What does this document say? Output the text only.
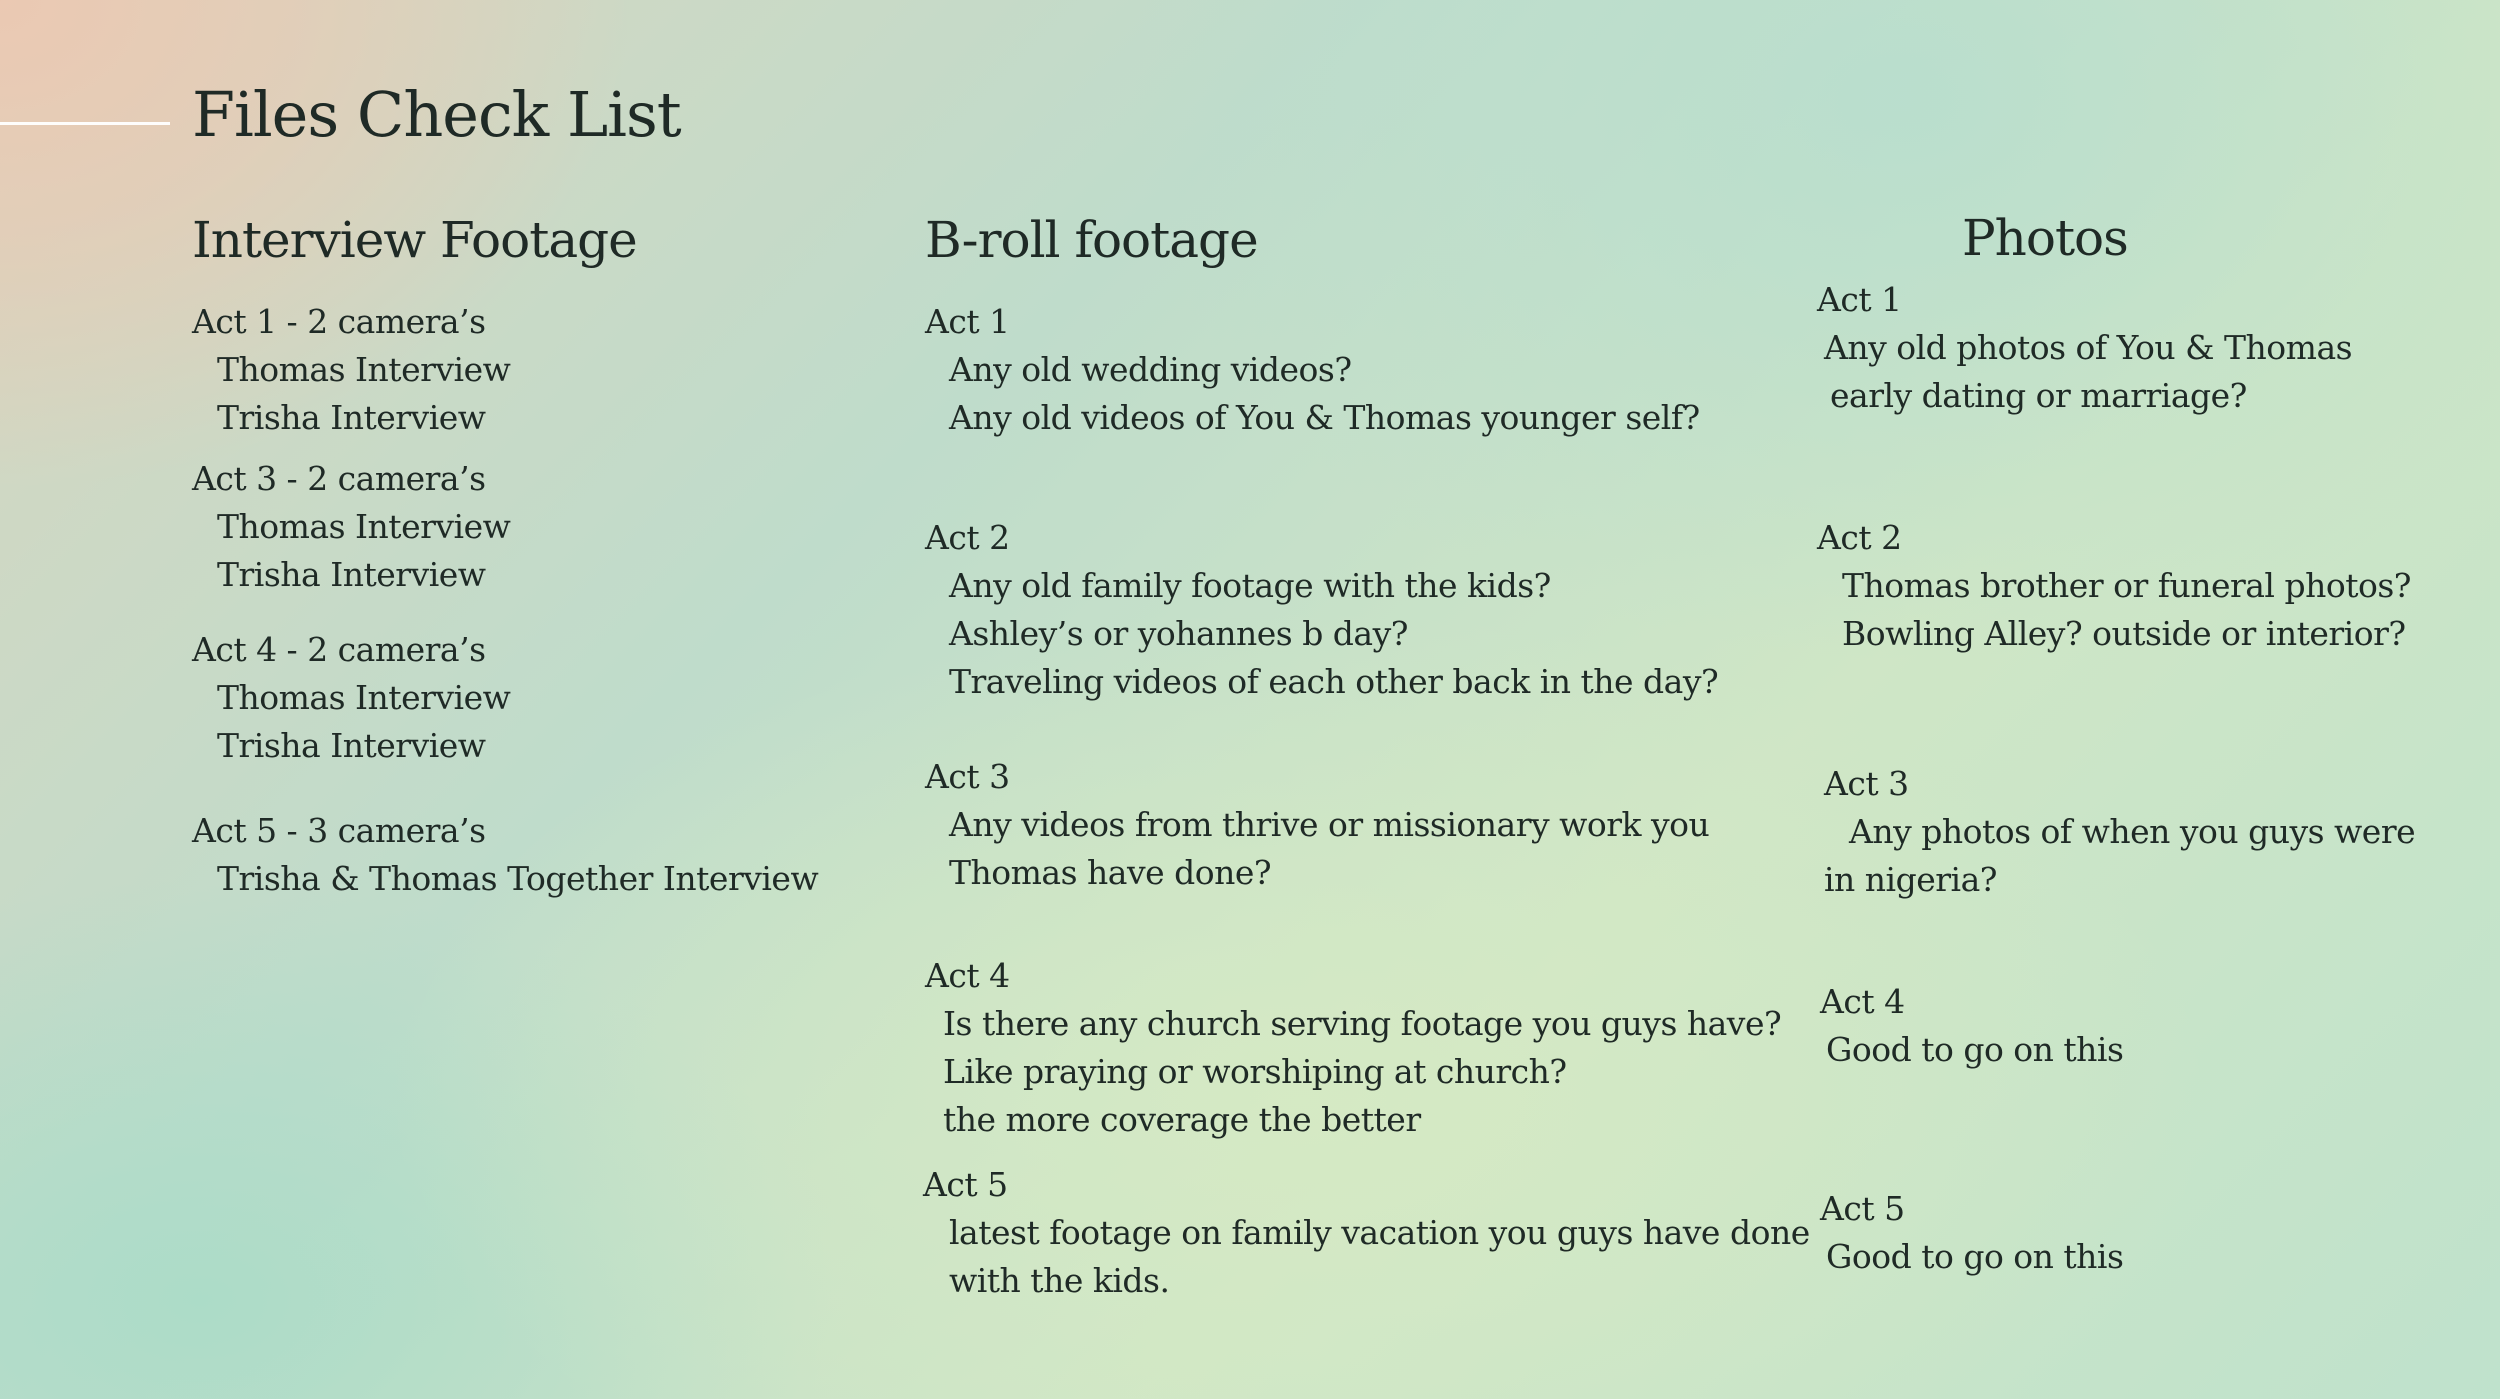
Files Check List
Interview Footage
Act 1 - 2 camera’s
Thomas Interview
Trisha Interview
Act 3 - 2 camera’s
Thomas Interview
Trisha Interview
Act 4 - 2 camera’s
Thomas Interview
Trisha Interview
Act 5 - 3 camera’s
Trisha & Thomas Together Interview
B-roll footage
Act 1
Any old wedding videos?
Any old videos of You & Thomas younger self?
Act 2
Any old family footage with the kids?
Ashley’s or yohannes b day?
Traveling videos of each other back in the day?
Act 3
Any videos from thrive or missionary work you
Thomas have done?
Act 4
Is there any church serving footage you guys have?
Like praying or worshiping at church?
the more coverage the better
Act 5
latest footage on family vacation you guys have done
with the kids.
Photos
Act 1
Any old photos of You & Thomas
early dating or marriage?
Act 2
Thomas brother or funeral photos?
Bowling Alley? outside or interior?
Act 3
Any photos of when you guys were
in nigeria?
Act 4
Good to go on this
Act 5
Good to go on this
